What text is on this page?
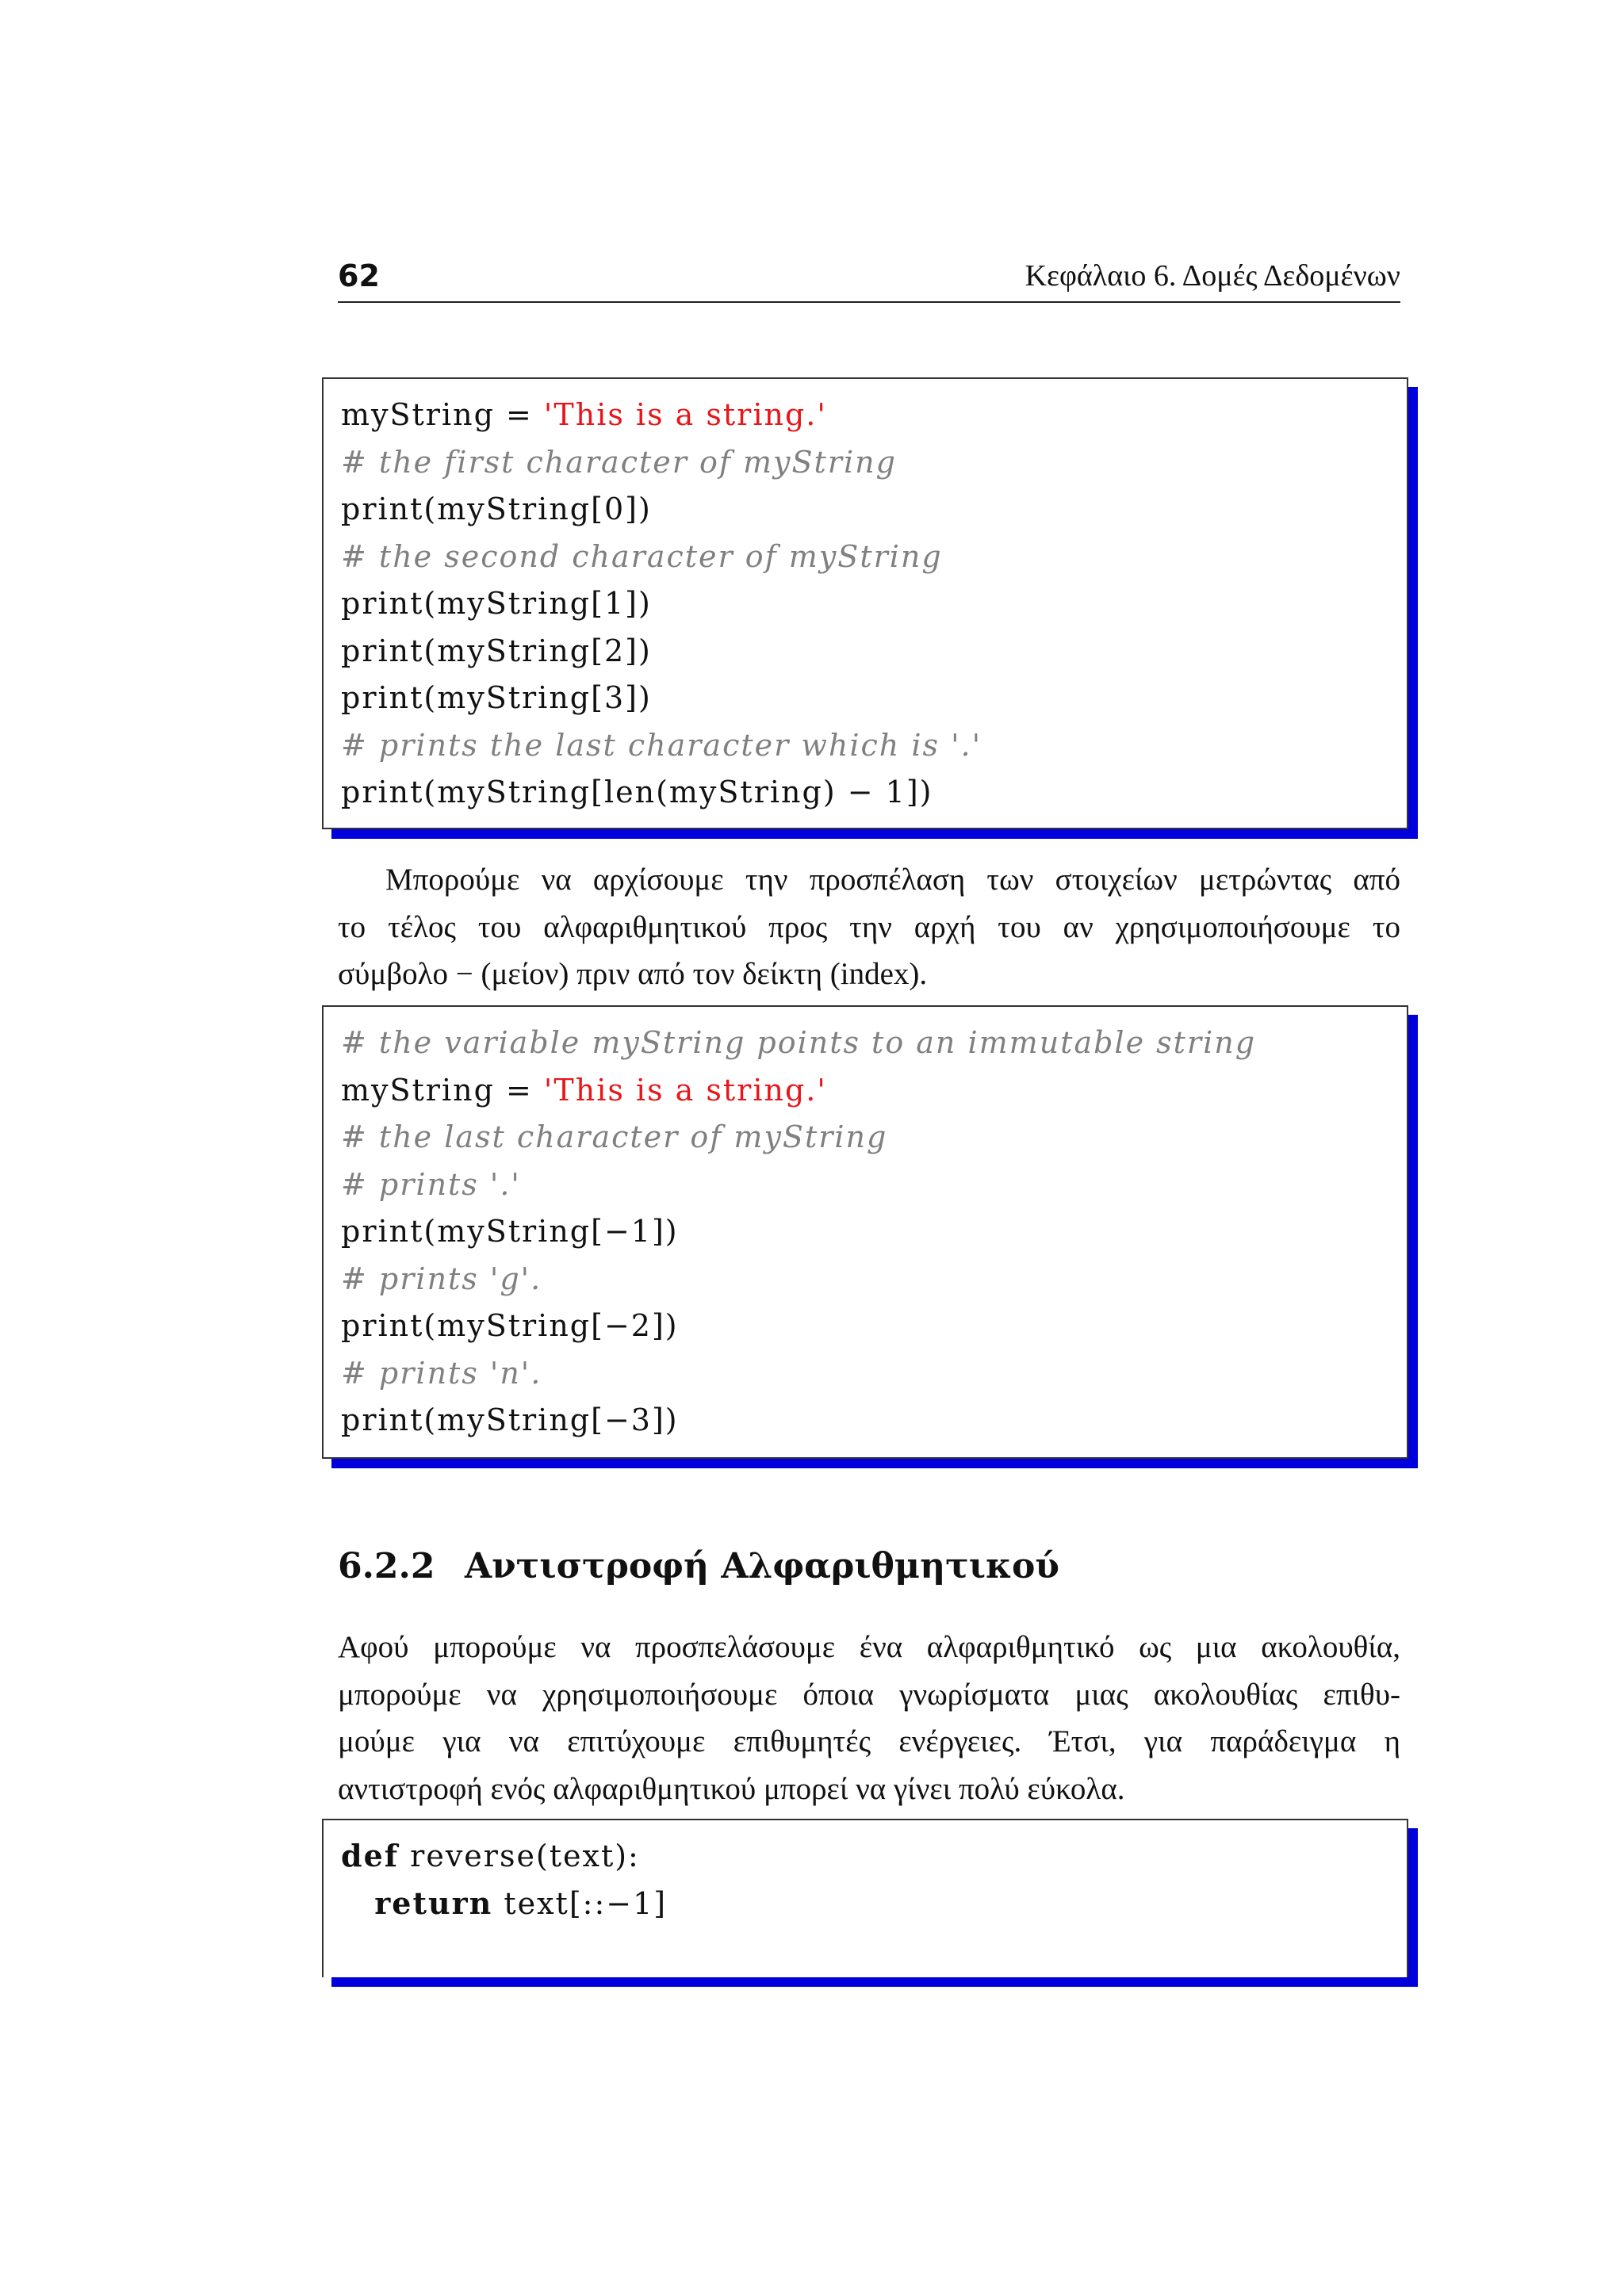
62	Κεφάλαιο 6. Δομές Δεδομένων
myString = 'This is a string.'
# the first character of myString
print(myString[0])
# the second character of myString
print(myString[1])
print(myString[2])
print(myString[3])
# prints the last character which is '.'
print(myString[len(myString) − 1])
Μπορούμε να αρχίσουμε την προσπέλαση των στοιχείων μετρώντας από
το τέλος του αλφαριθμητικού προς την αρχή του αν χρησιμοποιήσουμε το
σύμβολο − (μείον) πριν από τον δείκτη (index).
# the variable myString points to an immutable string
myString = 'This is a string.'
# the last character of myString
# prints '.'
print(myString[−1])
# prints 'g'.
print(myString[−2])
# prints 'n'.
print(myString[−3])
6.2.2 Αντιστροφή Αλφαριθμητικού
Αφού μπορούμε να προσπελάσουμε ένα αλφαριθμητικό ως μια ακολουθία,
μπορούμε να χρησιμοποιήσουμε όποια γνωρίσματα μιας ακολουθίας επιθυ-
μούμε για να επιτύχουμε επιθυμητές ενέργειες. Έτσι, για παράδειγμα η
αντιστροφή ενός αλφαριθμητικού μπορεί να γίνει πολύ εύκολα.
def reverse(text):
return text[::−1]
